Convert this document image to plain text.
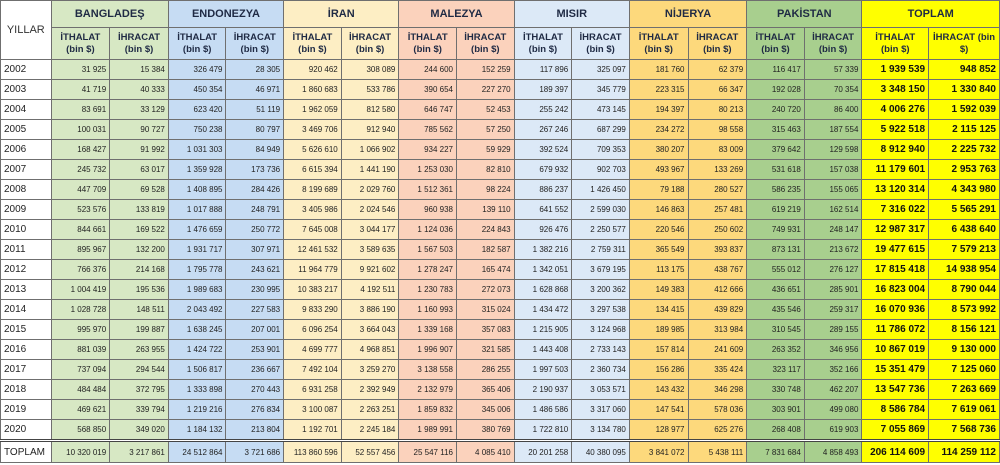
YILLAR	BANGLADEŞ		ENDONEZYA		İRAN		MALEZYA		MISIR		NİJERYA		PAKİSTAN		TOPLAM	
	İTHALAT (bin $)	İHRACAT (bin $)	İTHALAT (bin $)	İHRACAT (bin $)	İTHALAT (bin $)	İHRACAT (bin $)	İTHALAT (bin $)	İHRACAT (bin $)	İTHALAT (bin $)	İHRACAT (bin $)	İTHALAT (bin $)	İHRACAT (bin $)	İTHALAT (bin $)	İHRACAT (bin $)	İTHALAT (bin $)	İHRACAT (bin $)
2002	31 925	15 384	326 479	28 305	920 462	308 089	244 600	152 259	117 896	325 097	181 760	62 379	116 417	57 339	1 939 539	948 852
2003	41 719	40 333	450 354	46 971	1 860 683	533 786	390 654	227 270	189 397	345 779	223 315	66 347	192 028	70 354	3 348 150	1 330 840
2004	83 691	33 129	623 420	51 119	1 962 059	812 580	646 747	52 453	255 242	473 145	194 397	80 213	240 720	86 400	4 006 276	1 592 039
2005	100 031	90 727	750 238	80 797	3 469 706	912 940	785 562	57 250	267 246	687 299	234 272	98 558	315 463	187 554	5 922 518	2 115 125
2006	168 427	91 992	1 031 303	84 949	5 626 610	1 066 902	934 227	59 929	392 524	709 353	380 207	83 009	379 642	129 598	8 912 940	2 225 732
2007	245 732	63 017	1 359 928	173 736	6 615 394	1 441 190	1 253 030	82 810	679 932	902 703	493 967	133 269	531 618	157 038	11 179 601	2 953 763
2008	447 709	69 528	1 408 895	284 426	8 199 689	2 029 760	1 512 361	98 224	886 237	1 426 450	79 188	280 527	586 235	155 065	13 120 314	4 343 980
2009	523 576	133 819	1 017 888	248 791	3 405 986	2 024 546	960 938	139 110	641 552	2 599 030	146 863	257 481	619 219	162 514	7 316 022	5 565 291
2010	844 661	169 522	1 476 659	250 772	7 645 008	3 044 177	1 124 036	224 843	926 476	2 250 577	220 546	250 602	749 931	248 147	12 987 317	6 438 640
2011	895 967	132 200	1 931 717	307 971	12 461 532	3 589 635	1 567 503	182 587	1 382 216	2 759 311	365 549	393 837	873 131	213 672	19 477 615	7 579 213
2012	766 376	214 168	1 795 778	243 621	11 964 779	9 921 602	1 278 247	165 474	1 342 051	3 679 195	113 175	438 767	555 012	276 127	17 815 418	14 938 954
2013	1 004 419	195 536	1 989 683	230 995	10 383 217	4 192 511	1 230 783	272 073	1 628 868	3 200 362	149 383	412 666	436 651	285 901	16 823 004	8 790 044
2014	1 028 728	148 511	2 043 492	227 583	9 833 290	3 886 190	1 160 993	315 024	1 434 472	3 297 538	134 415	439 829	435 546	259 317	16 070 936	8 573 992
2015	995 970	199 887	1 638 245	207 001	6 096 254	3 664 043	1 339 168	357 083	1 215 905	3 124 968	189 985	313 984	310 545	289 155	11 786 072	8 156 121
2016	881 039	263 955	1 424 722	253 901	4 699 777	4 968 851	1 996 907	321 585	1 443 408	2 733 143	157 814	241 609	263 352	346 956	10 867 019	9 130 000
2017	737 094	294 544	1 506 817	236 667	7 492 104	3 259 270	3 138 558	286 255	1 997 503	2 360 734	156 286	335 424	323 117	352 166	15 351 479	7 125 060
2018	484 484	372 795	1 333 898	270 443	6 931 258	2 392 949	2 132 979	365 406	2 190 937	3 053 571	143 432	346 298	330 748	462 207	13 547 736	7 263 669
2019	469 621	339 794	1 219 216	276 834	3 100 087	2 263 251	1 859 832	345 006	1 486 586	3 317 060	147 541	578 036	303 901	499 080	8 586 784	7 619 061
2020	568 850	349 020	1 184 132	213 804	1 192 701	2 245 184	1 989 991	380 769	1 722 810	3 134 780	128 977	625 276	268 408	619 903	7 055 869	7 568 736
TOPLAM	10 320 019	3 217 861	24 512 864	3 721 686	113 860 596	52 557 456	25 547 116	4 085 410	20 201 258	40 380 095	3 841 072	5 438 111	7 831 684	4 858 493	206 114 609	114 259 112
